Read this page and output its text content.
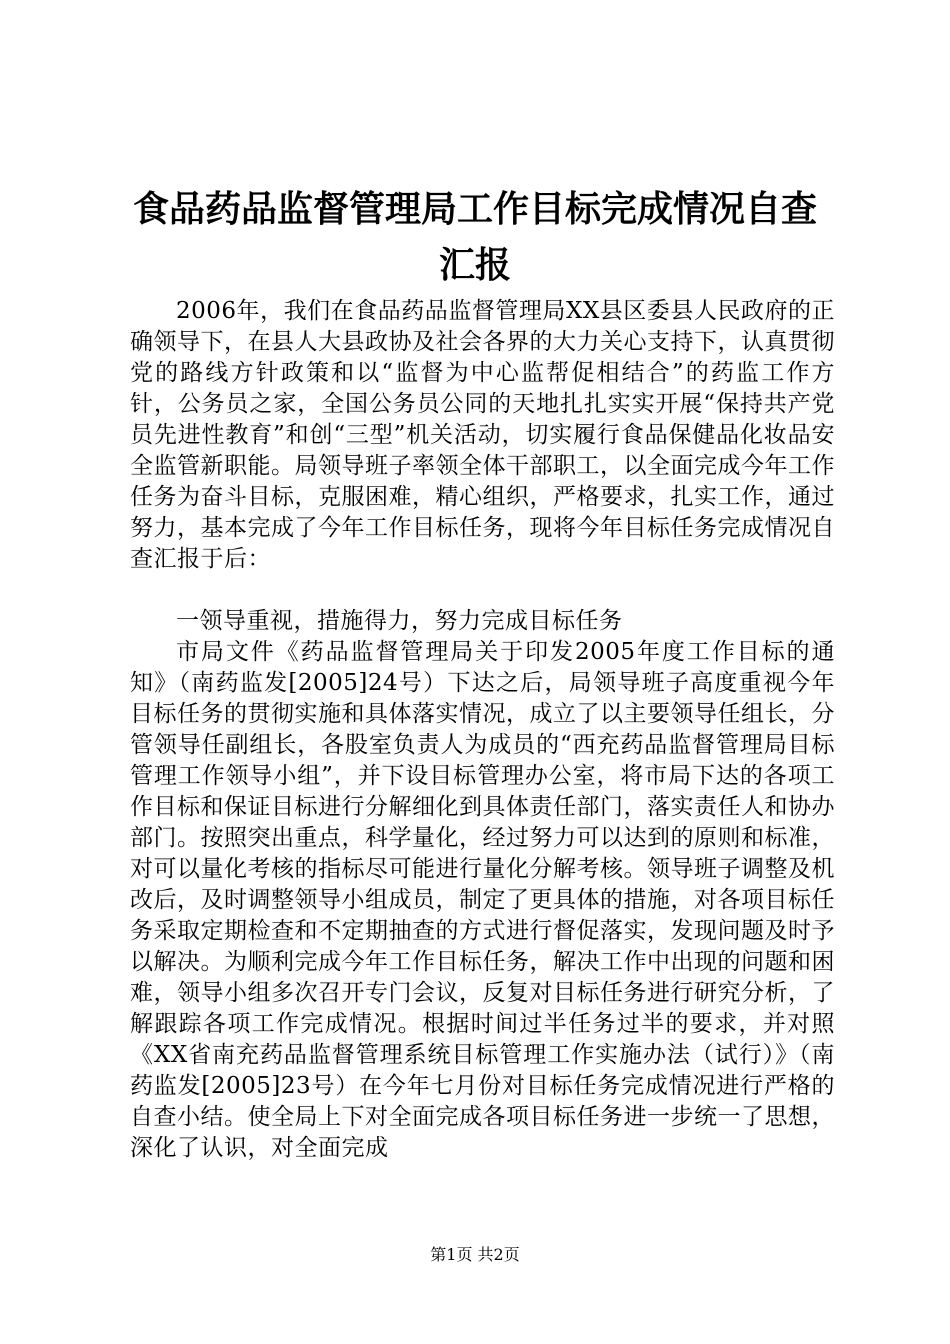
食品药品监督管理局工作目标完成情况自查汇报

2006年，我们在食品药品监督管理局XX县区委县人民政府的正确领导下，在县人大县政协及社会各界的大力关心支持下，认真贯彻党的路线方针政策和以“监督为中心监帮促相结合”的药监工作方针，公务员之家，全国公务员公同的天地扎扎实实开展“保持共产党员先进性教育”和创“三型”机关活动，切实履行食品保健品化妆品安全监管新职能。局领导班子率领全体干部职工，以全面完成今年工作任务为奋斗目标，克服困难，精心组织，严格要求，扎实工作，通过努力，基本完成了今年工作目标任务，现将今年目标任务完成情况自查汇报于后：

一领导重视，措施得力，努力完成目标任务

市局文件《药品监督管理局关于印发2005年度工作目标的通知》（南药监发[2005]24号）下达之后，局领导班子高度重视今年目标任务的贯彻实施和具体落实情况，成立了以主要领导任组长，分管领导任副组长，各股室负责人为成员的“西充药品监督管理局目标管理工作领导小组”，并下设目标管理办公室，将市局下达的各项工作目标和保证目标进行分解细化到具体责任部门，落实责任人和协办部门。按照突出重点，科学量化，经过努力可以达到的原则和标准，对可以量化考核的指标尽可能进行量化分解考核。领导班子调整及机改后，及时调整领导小组成员，制定了更具体的措施，对各项目标任务采取定期检查和不定期抽查的方式进行督促落实，发现问题及时予以解决。为顺利完成今年工作目标任务，解决工作中出现的问题和困难，领导小组多次召开专门会议，反复对目标任务进行研究分析，了解跟踪各项工作完成情况。根据时间过半任务过半的要求，并对照《XX省南充药品监督管理系统目标管理工作实施办法（试行）》（南药监发[2005]23号）在今年七月份对目标任务完成情况进行严格的自查小结。使全局上下对全面完成各项目标任务进一步统一了思想，深化了认识，对全面完成

第1页 共2页
